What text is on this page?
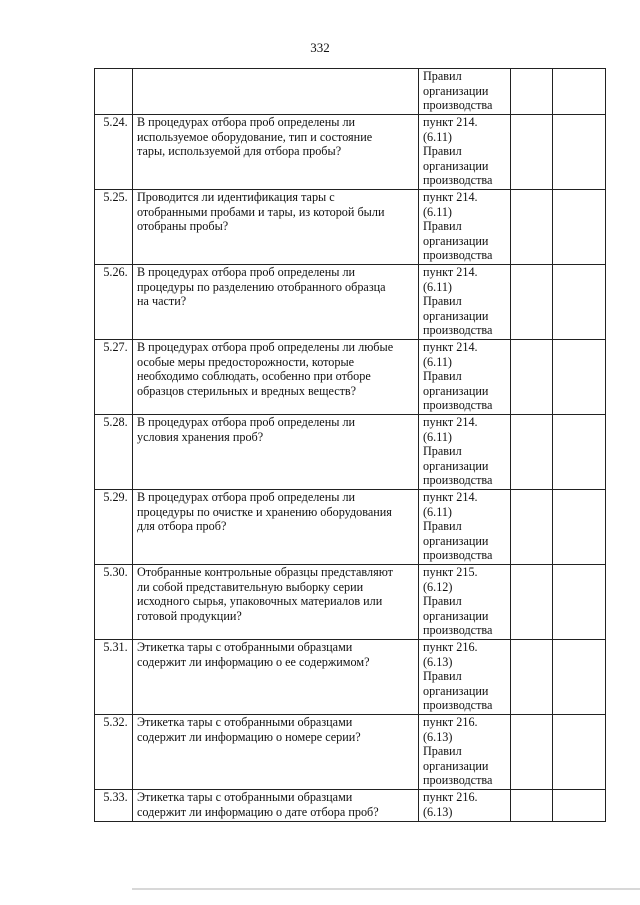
332

		Правил
организации
производства		

5.24.	В процедурах отбора проб определены ли
используемое оборудование, тип и состояние
тары, используемой для отбора пробы?	пункт 214.
(6.11)
Правил
организации
производства		

5.25.	Проводится ли идентификация тары с
отобранными пробами и тары, из которой были
отобраны пробы?	пункт 214.
(6.11)
Правил
организации
производства		

5.26.	В процедурах отбора проб определены ли
процедуры по разделению отобранного образца
на части?	пункт 214.
(6.11)
Правил
организации
производства		

5.27.	В процедурах отбора проб определены ли любые
особые меры предосторожности, которые
необходимо соблюдать, особенно при отборе
образцов стерильных и вредных веществ?	пункт 214.
(6.11)
Правил
организации
производства		

5.28.	В процедурах отбора проб определены ли
условия хранения проб?	пункт 214.
(6.11)
Правил
организации
производства		

5.29.	В процедурах отбора проб определены ли
процедуры по очистке и хранению оборудования
для отбора проб?	пункт 214.
(6.11)
Правил
организации
производства		

5.30.	Отобранные контрольные образцы представляют
ли собой представительную выборку серии
исходного сырья, упаковочных материалов или
готовой продукции?	пункт 215.
(6.12)
Правил
организации
производства		

5.31.	Этикетка тары с отобранными образцами
содержит ли информацию о ее содержимом?	пункт 216.
(6.13)
Правил
организации
производства		

5.32.	Этикетка тары с отобранными образцами
содержит ли информацию о номере серии?	пункт 216.
(6.13)
Правил
организации
производства		

5.33.	Этикетка тары с отобранными образцами
содержит ли информацию о дате отбора проб?	пункт 216.
(6.13)		
